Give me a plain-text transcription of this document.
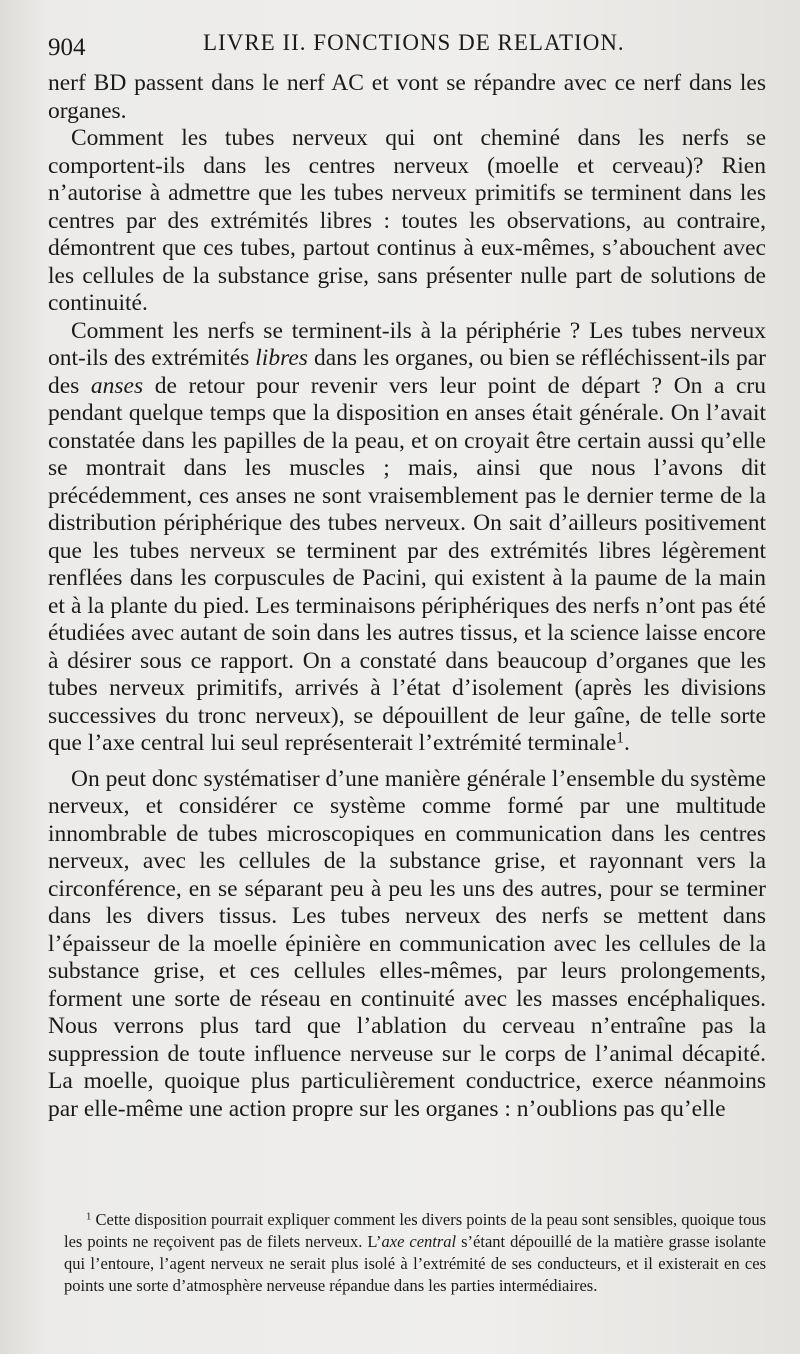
904	LIVRE II. FONCTIONS DE RELATION.

nerf BD passent dans le nerf AC et vont se répandre avec ce nerf dans les organes.

Comment les tubes nerveux qui ont cheminé dans les nerfs se comportent-ils dans les centres nerveux (moelle et cerveau)? Rien n’autorise à admettre que les tubes nerveux primitifs se terminent dans les centres par des extrémités libres : toutes les observations, au contraire, démontrent que ces tubes, partout continus à eux-mêmes, s’abouchent avec les cellules de la substance grise, sans présenter nulle part de solutions de continuité.

Comment les nerfs se terminent-ils à la périphérie ? Les tubes nerveux ont-ils des extrémités libres dans les organes, ou bien se réfléchissent-ils par des anses de retour pour revenir vers leur point de départ ? On a cru pendant quelque temps que la disposition en anses était générale. On l’avait constatée dans les papilles de la peau, et on croyait être certain aussi qu’elle se montrait dans les muscles ; mais, ainsi que nous l’avons dit précédemment, ces anses ne sont vraisemblement pas le dernier terme de la distribution périphérique des tubes nerveux. On sait d’ailleurs positivement que les tubes nerveux se terminent par des extrémités libres légèrement renflées dans les corpuscules de Pacini, qui existent à la paume de la main et à la plante du pied. Les terminaisons périphériques des nerfs n’ont pas été étudiées avec autant de soin dans les autres tissus, et la science laisse encore à désirer sous ce rapport. On a constaté dans beaucoup d’organes que les tubes nerveux primitifs, arrivés à l’état d’isolement (après les divisions successives du tronc nerveux), se dépouillent de leur gaîne, de telle sorte que l’axe central lui seul représenterait l’extrémité terminale$^1$.

On peut donc systématiser d’une manière générale l’ensemble du système nerveux, et considérer ce système comme formé par une multitude innombrable de tubes microscopiques en communication dans les centres nerveux, avec les cellules de la substance grise, et rayonnant vers la circonférence, en se séparant peu à peu les uns des autres, pour se terminer dans les divers tissus. Les tubes nerveux des nerfs se mettent dans l’épaisseur de la moelle épinière en communication avec les cellules de la substance grise, et ces cellules elles-mêmes, par leurs prolongements, forment une sorte de réseau en continuité avec les masses encéphaliques. Nous verrons plus tard que l’ablation du cerveau n’entraîne pas la suppression de toute influence nerveuse sur le corps de l’animal décapité. La moelle, quoique plus particulièrement conductrice, exerce néanmoins par elle-même une action propre sur les organes : n’oublions pas qu’elle

$^1$ Cette disposition pourrait expliquer comment les divers points de la peau sont sensibles, quoique tous les points ne reçoivent pas de filets nerveux. L’axe central s’étant dépouillé de la matière grasse isolante qui l’entoure, l’agent nerveux ne serait plus isolé à l’extrémité de ses conducteurs, et il existerait en ces points une sorte d’atmosphère nerveuse répandue dans les parties intermédiaires.
